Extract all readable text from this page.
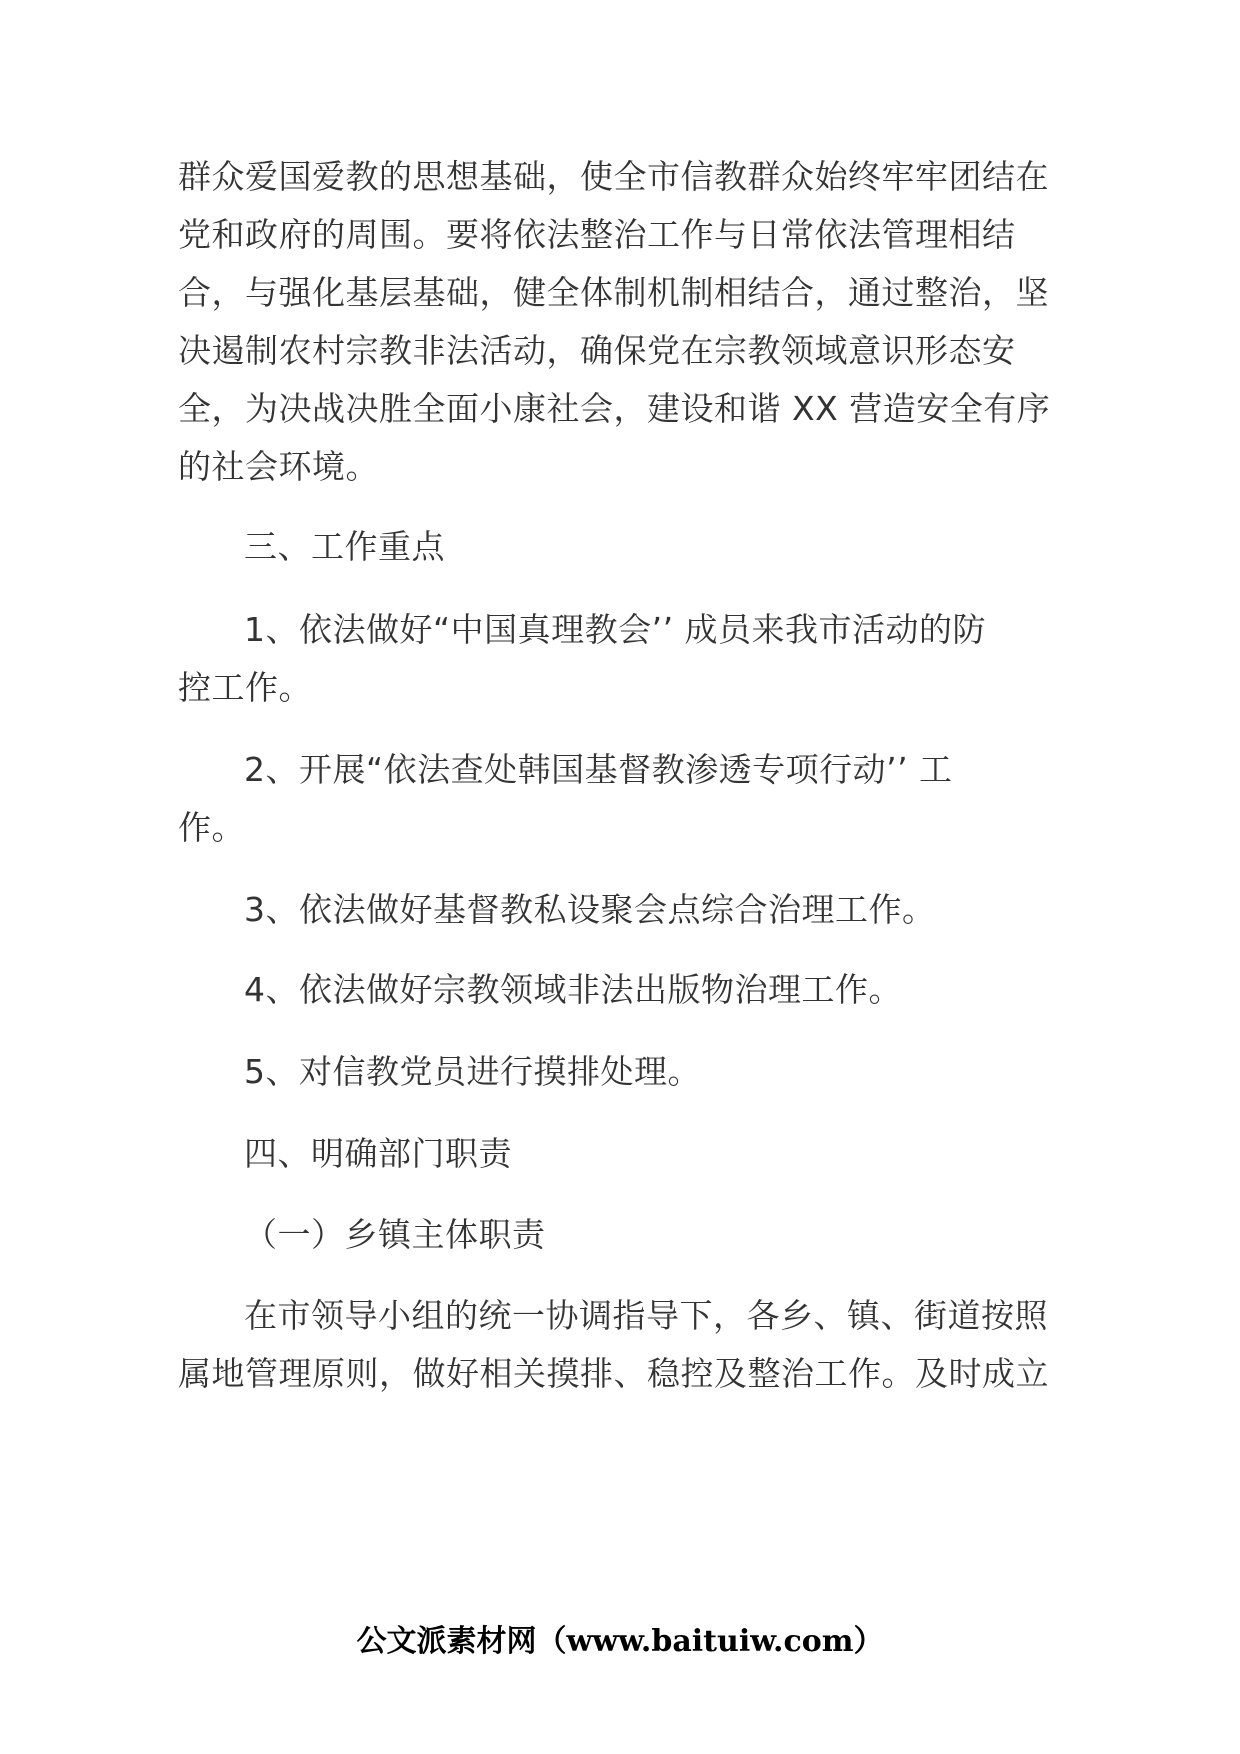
群众爱国爱教的思想基础，使全市信教群众始终牢牢团结在
党和政府的周围。要将依法整治工作与日常依法管理相结
合，与强化基层基础，健全体制机制相结合，通过整治，坚
决遏制农村宗教非法活动，确保党在宗教领域意识形态安
全，为决战决胜全面小康社会，建设和谐 XX 营造安全有序
的社会环境。
三、工作重点
1、依法做好“中国真理教会’’ 成员来我市活动的防
控工作。
2、开展“依法查处韩国基督教渗透专项行动’’ 工
作。
3、依法做好基督教私设聚会点综合治理工作。
4、依法做好宗教领域非法出版物治理工作。
5、对信教党员进行摸排处理。
四、明确部门职责
（一）乡镇主体职责
在市领导小组的统一协调指导下，各乡、镇、街道按照
属地管理原则，做好相关摸排、稳控及整治工作。及时成立
公文派素材网（www.baituiw.com）
